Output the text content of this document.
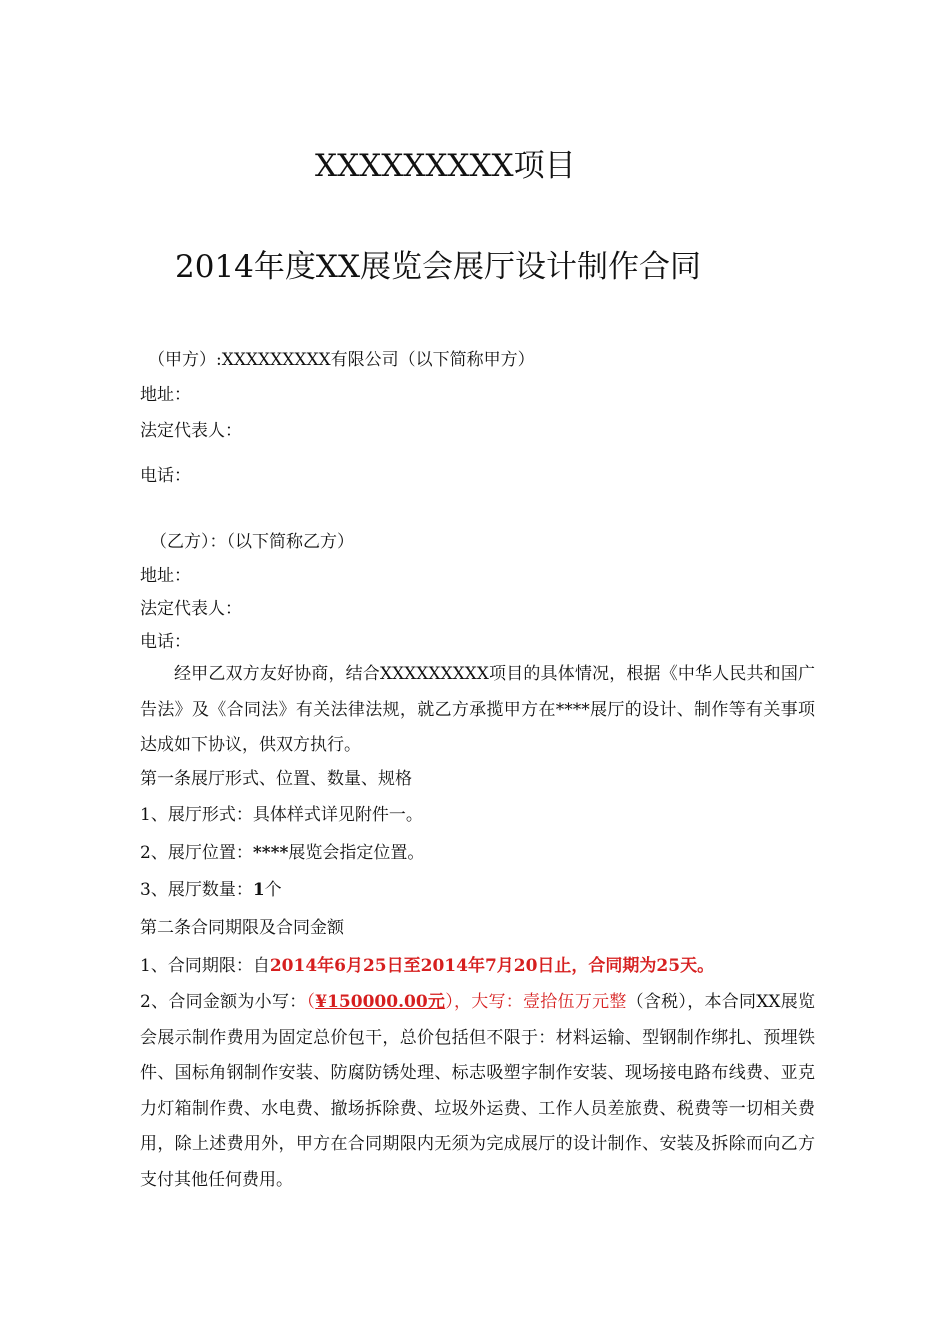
XXXXXXXXX项目
2014年度XX展览会展厅设计制作合同
（甲方）:XXXXXXXXX有限公司（以下简称甲方）
地址：
法定代表人：
电话：
（乙方）：（以下简称乙方）
地址：
法定代表人：
电话：
经甲乙双方友好协商，结合XXXXXXXXX项目的具体情况，根据《中华人民共和国广告法》及《合同法》有关法律法规，就乙方承揽甲方在****展厅的设计、制作等有关事项达成如下协议，供双方执行。
第一条展厅形式、位置、数量、规格
1、展厅形式：具体样式详见附件一。
2、展厅位置：****展览会指定位置。
3、展厅数量：1个
第二条合同期限及合同金额
1、合同期限：自2014年6月25日至2014年7月20日止，合同期为25天。
2、合同金额为小写：（¥150000.00元），大写：壹拾伍万元整（含税），本合同XX展览会展示制作费用为固定总价包干，总价包括但不限于：材料运输、型钢制作绑扎、预埋铁件、国标角钢制作安装、防腐防锈处理、标志吸塑字制作安装、现场接电路布线费、亚克力灯箱制作费、水电费、撤场拆除费、垃圾外运费、工作人员差旅费、税费等一切相关费用，除上述费用外，甲方在合同期限内无须为完成展厅的设计制作、安装及拆除而向乙方支付其他任何费用。
